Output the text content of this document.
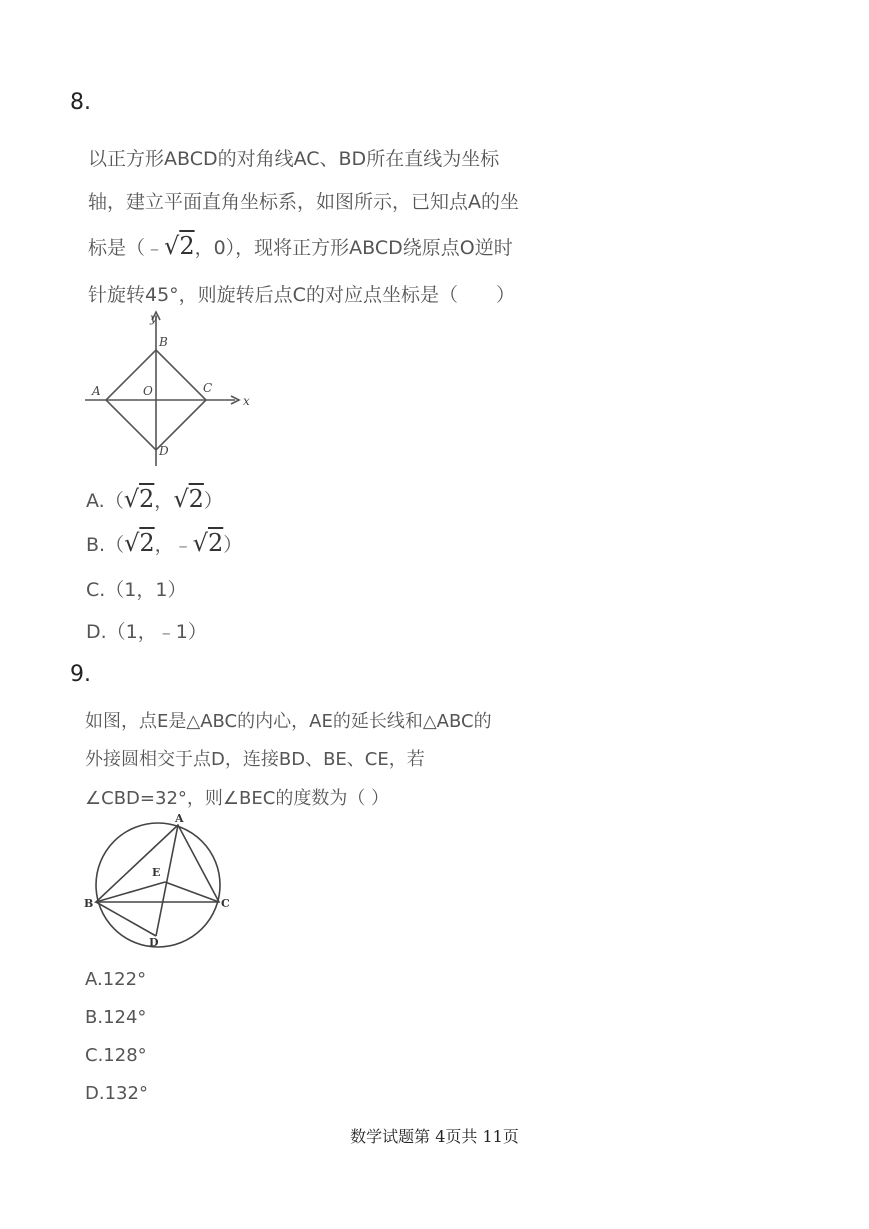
8.
以正方形ABCD的对角线AC、BD所在直线为坐标
轴，建立平面直角坐标系，如图所示，已知点A的坐
标是（﹣√2，0），现将正方形ABCD绕原点O逆时
针旋转45°，则旋转后点C的对应点坐标是（　　）
y
x
B
A	O	C
D
A.（√2，√2）
B.（√2，﹣√2）
C.（1，1）
D.（1，﹣1）
9.
如图，点E是△ABC的内心，AE的延长线和△ABC的
外接圆相交于点D，连接BD、BE、CE，若
∠CBD=32°，则∠BEC的度数为（ ）
A
B	C
D
E
A.122°
B.124°
C.128°
D.132°
数学试题第 4页共 11页
